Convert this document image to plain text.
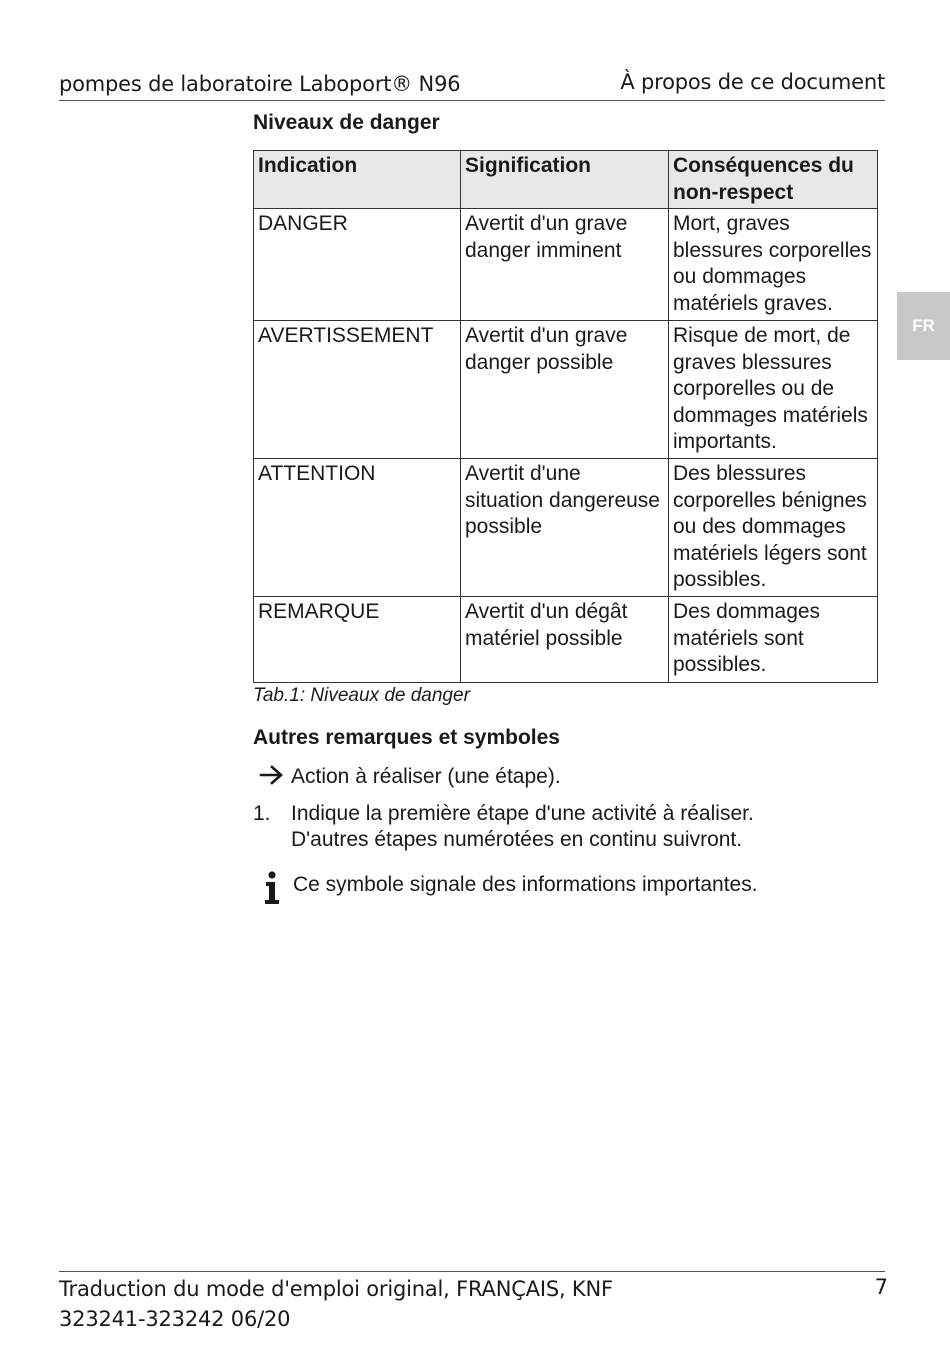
pompes de laboratoire Laboport® N96	À propos de ce document
FR
Niveaux de danger
Indication	Signification	Conséquences du non-respect
DANGER	Avertit d'un grave danger imminent	Mort, graves blessures corporelles ou dommages matériels graves.
AVERTISSEMENT	Avertit d'un grave danger possible	Risque de mort, de graves blessures corporelles ou de dommages matériels importants.
ATTENTION	Avertit d'une situation dangereuse possible	Des blessures corporelles bénignes ou des dommages matériels légers sont possibles.
REMARQUE	Avertit d'un dégât matériel possible	Des dommages matériels sont possibles.
Tab.1: Niveaux de danger
Autres remarques et symboles
Action à réaliser (une étape).
1. Indique la première étape d'une activité à réaliser.
D'autres étapes numérotées en continu suivront.
Ce symbole signale des informations importantes.
Traduction du mode d'emploi original, FRANÇAIS, KNF
323241-323242 06/20
7
